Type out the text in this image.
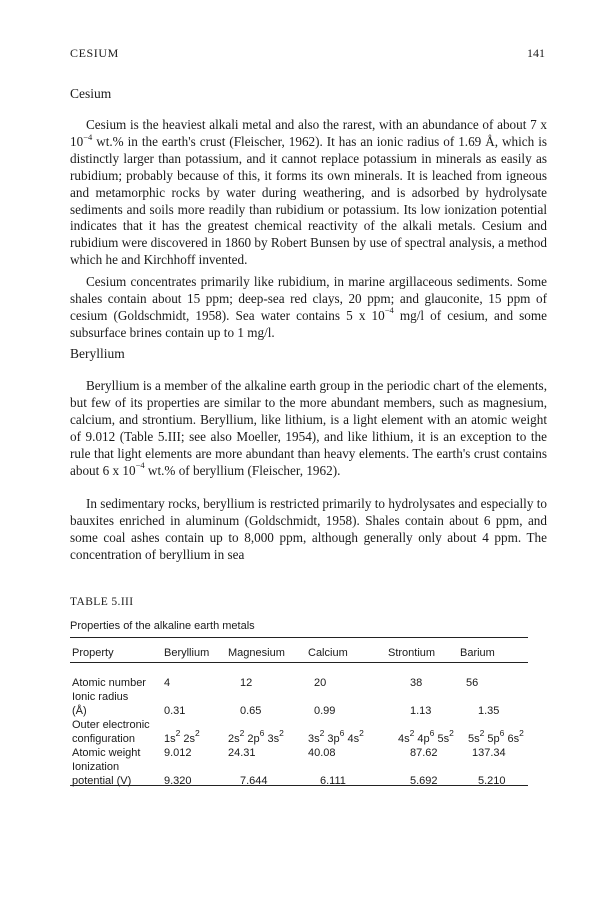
CESIUM	141
Cesium

Cesium is the heaviest alkali metal and also the rarest, with an abundance of about 7 x $10^{-4}$ wt.% in the earth's crust (Fleischer, 1962). It has an ionic radius of 1.69 Å, which is distinctly larger than potassium, and it cannot replace potassium in minerals as easily as rubidium; probably because of this, it forms its own minerals. It is leached from igneous and metamorphic rocks by water during weathering, and is adsorbed by hydrolysate sediments and soils more readily than rubidium or potassium. Its low ionization potential indicates that it has the greatest chemical reactivity of the alkali metals. Cesium and rubidium were discovered in 1860 by Robert Bunsen by use of spectral analysis, a method which he and Kirchhoff invented.

Cesium concentrates primarily like rubidium, in marine argillaceous sediments. Some shales contain about 15 ppm; deep-sea red clays, 20 ppm; and glauconite, 15 ppm of cesium (Goldschmidt, 1958). Sea water contains 5 x $10^{-4}$ mg/l of cesium, and some subsurface brines contain up to 1 mg/l.

Beryllium

Beryllium is a member of the alkaline earth group in the periodic chart of the elements, but few of its properties are similar to the more abundant members, such as magnesium, calcium, and strontium. Beryllium, like lithium, is a light element with an atomic weight of 9.012 (Table 5.III; see also Moeller, 1954), and like lithium, it is an exception to the rule that light elements are more abundant than heavy elements. The earth's crust contains about 6 x $10^{-4}$ wt.% of beryllium (Fleischer, 1962).

In sedimentary rocks, beryllium is restricted primarily to hydrolysates and especially to bauxites enriched in aluminum (Goldschmidt, 1958). Shales contain about 6 ppm, and some coal ashes contain up to 8,000 ppm, although generally only about 4 ppm. The concentration of beryllium in sea

TABLE 5.III
Properties of the alkaline earth metals
Property	Beryllium	Magnesium	Calcium	Strontium	Barium
Atomic number	4	12	20	38	56
Ionic radius
(Å)	0.31	0.65	0.99	1.13	1.35
Outer electronic
configuration	$1s^2$ $2s^2$	$2s^2$ $2p^6$ $3s^2$	$3s^2$ $3p^6$ $4s^2$	$4s^2$ $4p^6$ $5s^2$	$5s^2$ $5p^6$ $6s^2$
Atomic weight	9.012	24.31	40.08	87.62	137.34
Ionization
potential (V)	9.320	7.644	6.111	5.692	5.210
